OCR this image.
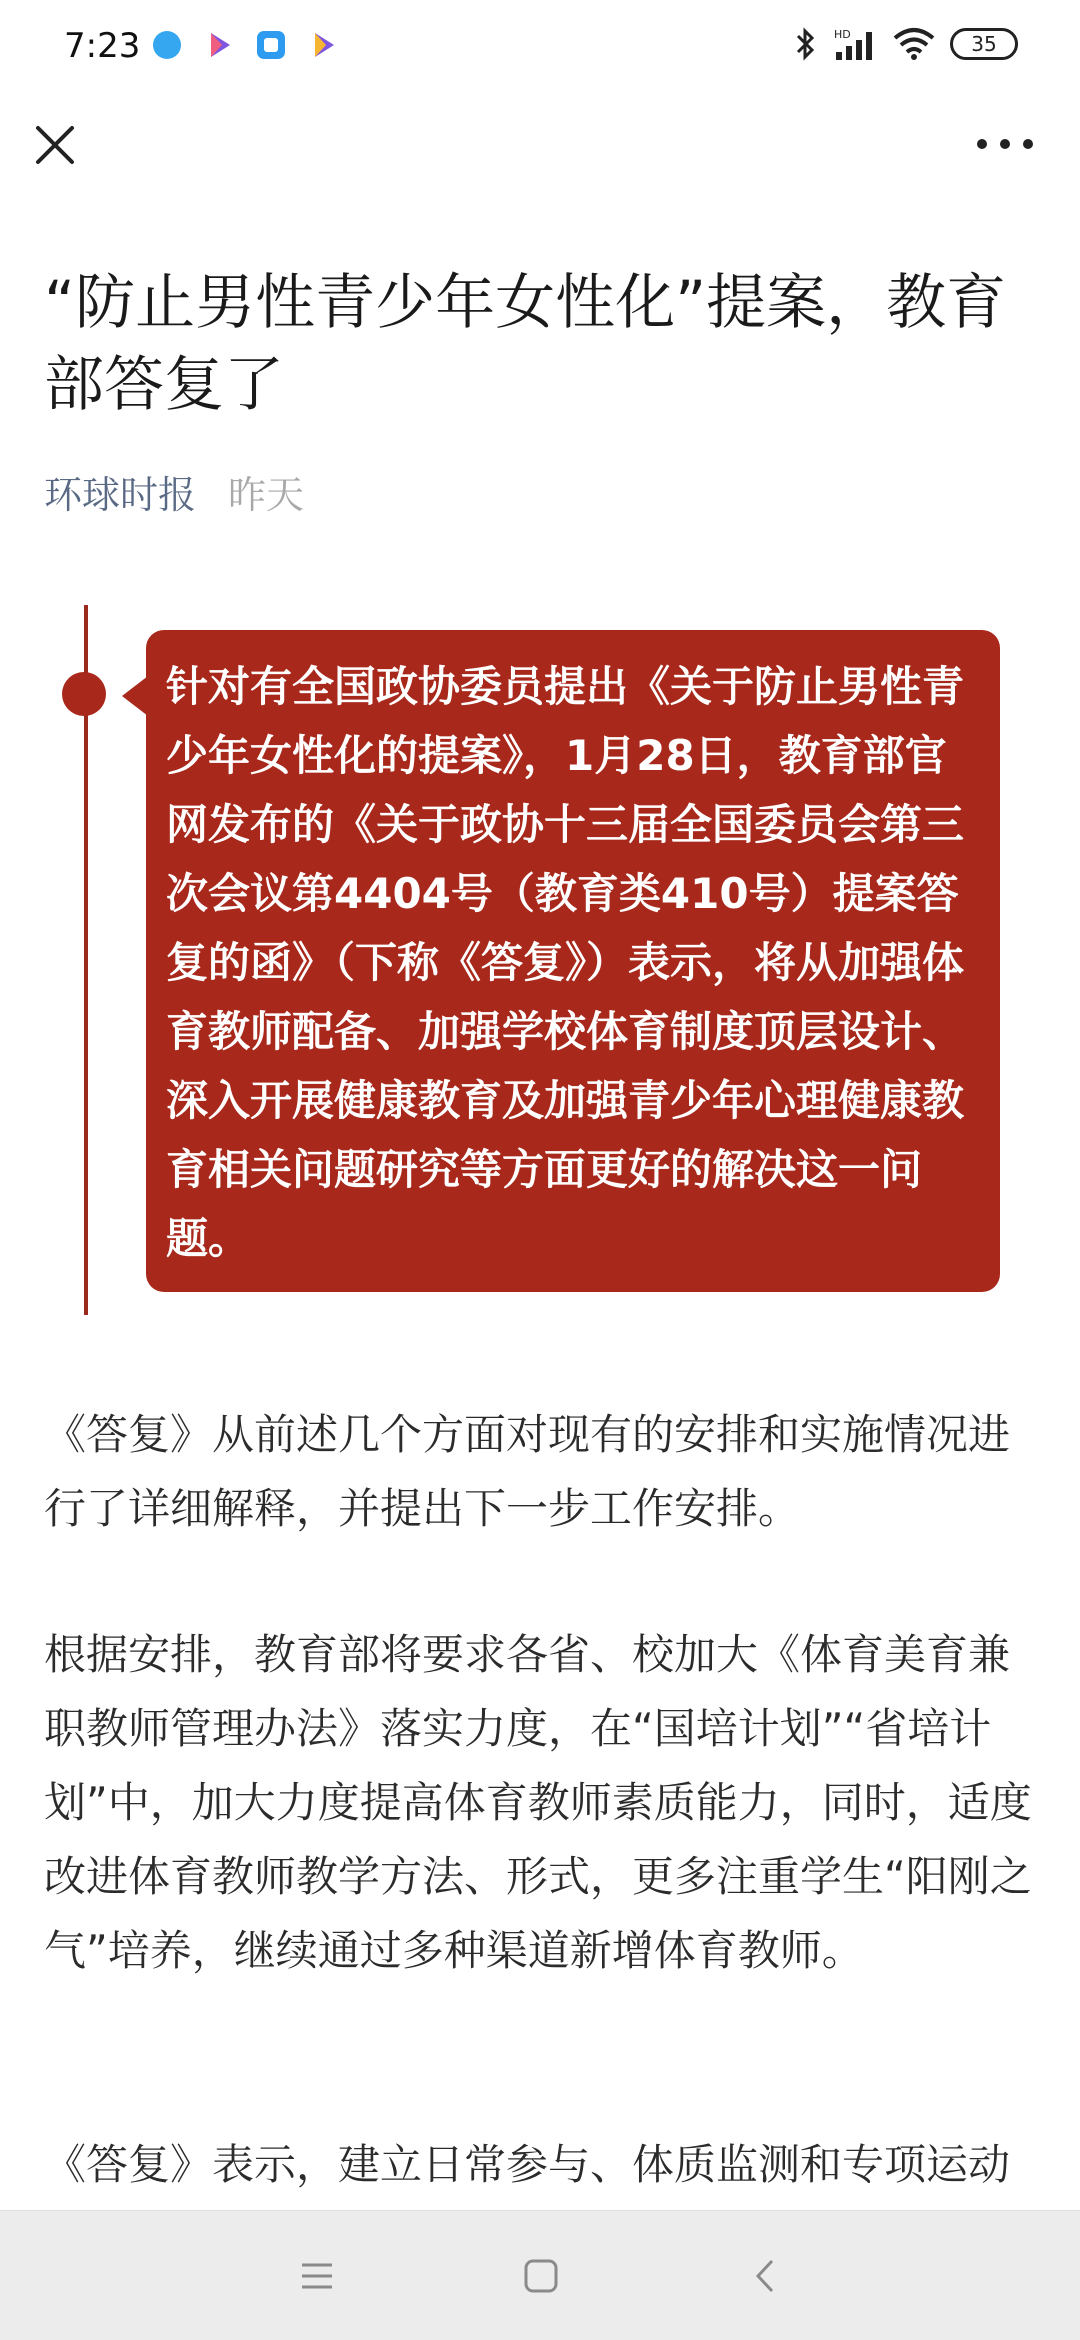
7:23	HD	35
“防止男性青少年女性化”提案，教育部答复了
环球时报 昨天
针对有全国政协委员提出《关于防止男性青少年女性化的提案》，1月28日，教育部官网发布的《关于政协十三届全国委员会第三次会议第4404号（教育类410号）提案答复的函》（下称《答复》）表示，将从加强体育教师配备、加强学校体育制度顶层设计、深入开展健康教育及加强青少年心理健康教育相关问题研究等方面更好的解决这一问题。

《答复》从前述几个方面对现有的安排和实施情况进行了详细解释，并提出下一步工作安排。

根据安排，教育部将要求各省、校加大《体育美育兼职教师管理办法》落实力度，在“国培计划”“省培计划”中，加大力度提高体育教师素质能力，同时，适度改进体育教师教学方法、形式，更多注重学生“阳刚之气”培养，继续通过多种渠道新增体育教师。

《答复》表示，建立日常参与、体质监测和专项运动
